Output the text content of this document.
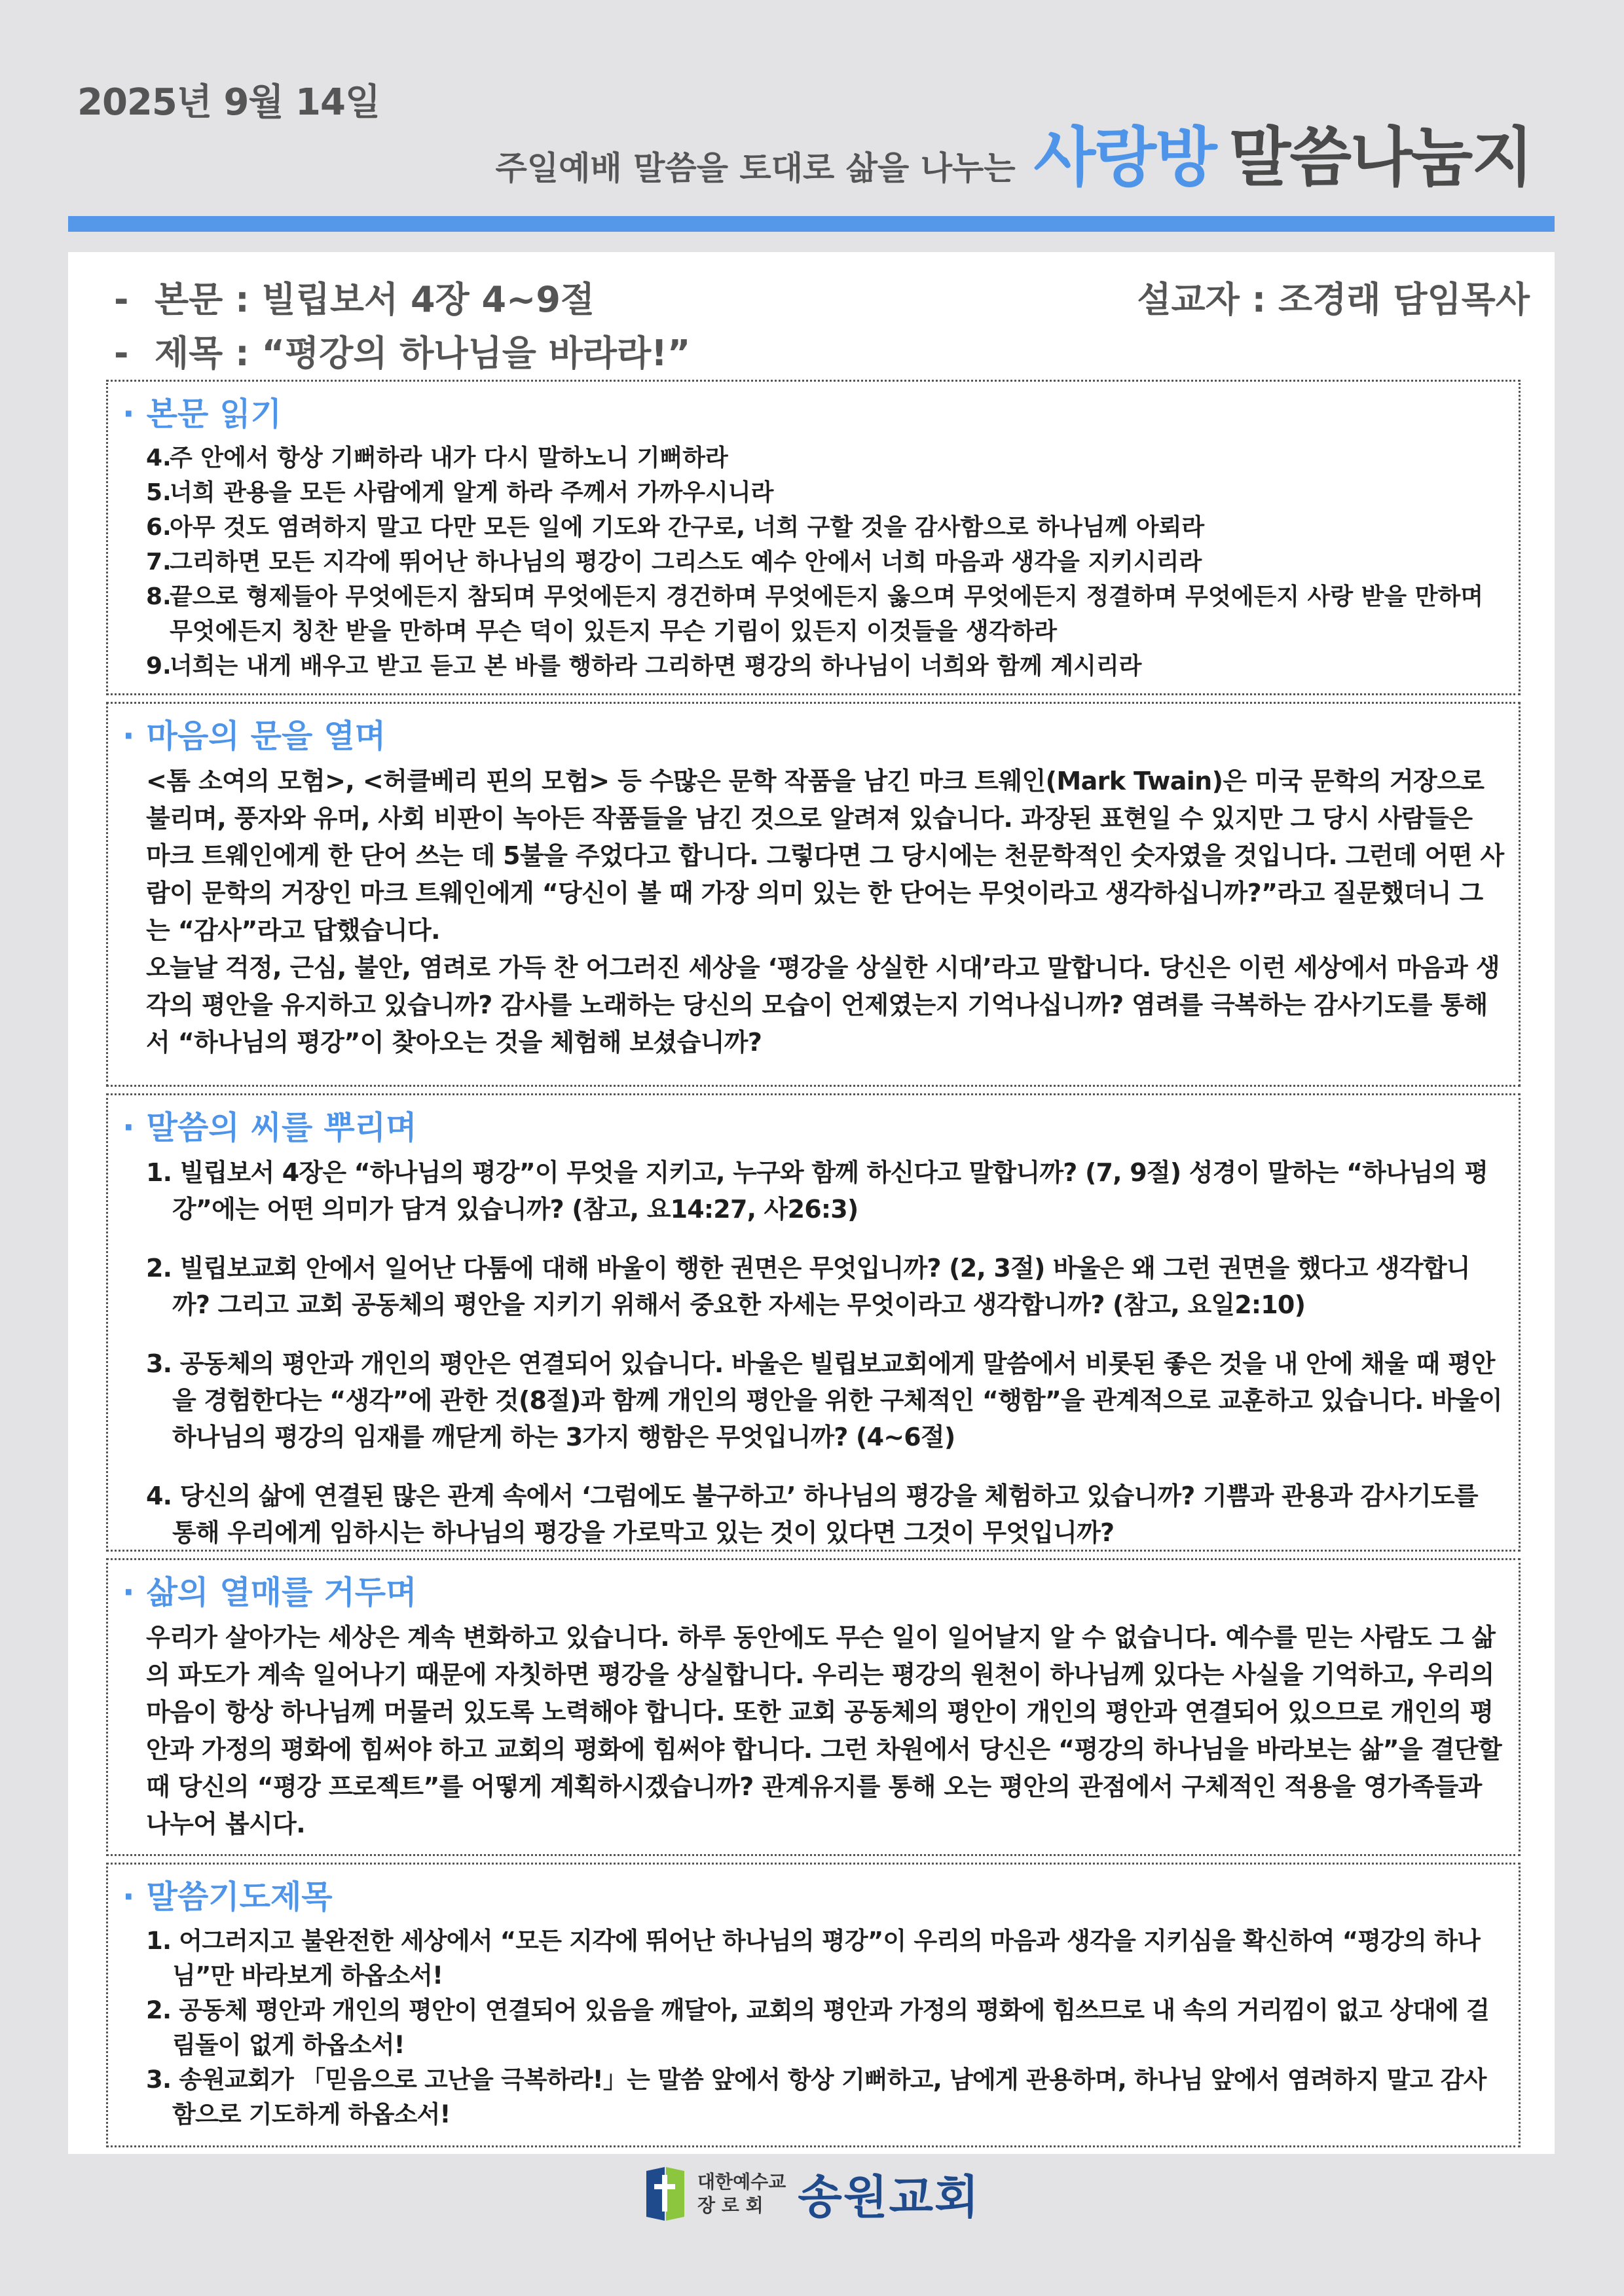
2025년 9월 14일
주일예배 말씀을 토대로 삶을 나누는 사랑방 말씀나눔지
- 본문 : 빌립보서 4장 4~9절
- 제목 : “평강의 하나님을 바라라!”
설교자 : 조경래 담임목사
· 본문 읽기
4.주 안에서 항상 기뻐하라 내가 다시 말하노니 기뻐하라
5.너희 관용을 모든 사람에게 알게 하라 주께서 가까우시니라
6.아무 것도 염려하지 말고 다만 모든 일에 기도와 간구로, 너희 구할 것을 감사함으로 하나님께 아뢰라
7.그리하면 모든 지각에 뛰어난 하나님의 평강이 그리스도 예수 안에서 너희 마음과 생각을 지키시리라
8.끝으로 형제들아 무엇에든지 참되며 무엇에든지 경건하며 무엇에든지 옳으며 무엇에든지 정결하며 무엇에든지 사랑 받을 만하며 무엇에든지 칭찬 받을 만하며 무슨 덕이 있든지 무슨 기림이 있든지 이것들을 생각하라
9.너희는 내게 배우고 받고 듣고 본 바를 행하라 그리하면 평강의 하나님이 너희와 함께 계시리라
· 마음의 문을 열며

<톰 소여의 모험>, <허클베리 핀의 모험> 등 수많은 문학 작품을 남긴 마크 트웨인(Mark Twain)은 미국 문학의 거장으로 불리며, 풍자와 유머, 사회 비판이 녹아든 작품들을 남긴 것으로 알려져 있습니다. 과장된 표현일 수 있지만 그 당시 사람들은 마크 트웨인에게 한 단어 쓰는 데 5불을 주었다고 합니다. 그렇다면 그 당시에는 천문학적인 숫자였을 것입니다. 그런데 어떤 사람이 문학의 거장인 마크 트웨인에게 “당신이 볼 때 가장 의미 있는 한 단어는 무엇이라고 생각하십니까?”라고 질문했더니 그는 “감사”라고 답했습니다.

오늘날 걱정, 근심, 불안, 염려로 가득 찬 어그러진 세상을 ‘평강을 상실한 시대’라고 말합니다. 당신은 이런 세상에서 마음과 생각의 평안을 유지하고 있습니까? 감사를 노래하는 당신의 모습이 언제였는지 기억나십니까? 염려를 극복하는 감사기도를 통해서 “하나님의 평강”이 찾아오는 것을 체험해 보셨습니까?

· 말씀의 씨를 뿌리며
1. 빌립보서 4장은 “하나님의 평강”이 무엇을 지키고, 누구와 함께 하신다고 말합니까? (7, 9절) 성경이 말하는 “하나님의 평강”에는 어떤 의미가 담겨 있습니까? (참고, 요14:27, 사26:3)
2. 빌립보교회 안에서 일어난 다툼에 대해 바울이 행한 권면은 무엇입니까? (2, 3절) 바울은 왜 그런 권면을 했다고 생각합니까? 그리고 교회 공동체의 평안을 지키기 위해서 중요한 자세는 무엇이라고 생각합니까? (참고, 요일2:10)
3. 공동체의 평안과 개인의 평안은 연결되어 있습니다. 바울은 빌립보교회에게 말씀에서 비롯된 좋은 것을 내 안에 채울 때 평안을 경험한다는 “생각”에 관한 것(8절)과 함께 개인의 평안을 위한 구체적인 “행함”을 관계적으로 교훈하고 있습니다. 바울이 하나님의 평강의 임재를 깨닫게 하는 3가지 행함은 무엇입니까? (4~6절)
4. 당신의 삶에 연결된 많은 관계 속에서 ‘그럼에도 불구하고’ 하나님의 평강을 체험하고 있습니까? 기쁨과 관용과 감사기도를 통해 우리에게 임하시는 하나님의 평강을 가로막고 있는 것이 있다면 그것이 무엇입니까?
· 삶의 열매를 거두며

우리가 살아가는 세상은 계속 변화하고 있습니다. 하루 동안에도 무슨 일이 일어날지 알 수 없습니다. 예수를 믿는 사람도 그 삶의 파도가 계속 일어나기 때문에 자칫하면 평강을 상실합니다. 우리는 평강의 원천이 하나님께 있다는 사실을 기억하고, 우리의 마음이 항상 하나님께 머물러 있도록 노력해야 합니다. 또한 교회 공동체의 평안이 개인의 평안과 연결되어 있으므로 개인의 평안과 가정의 평화에 힘써야 하고 교회의 평화에 힘써야 합니다. 그런 차원에서 당신은 “평강의 하나님을 바라보는 삶”을 결단할 때 당신의 “평강 프로젝트”를 어떻게 계획하시겠습니까? 관계유지를 통해 오는 평안의 관점에서 구체적인 적용을 영가족들과 나누어 봅시다.

· 말씀기도제목
1. 어그러지고 불완전한 세상에서 “모든 지각에 뛰어난 하나님의 평강”이 우리의 마음과 생각을 지키심을 확신하여 “평강의 하나님”만 바라보게 하옵소서!
2. 공동체 평안과 개인의 평안이 연결되어 있음을 깨달아, 교회의 평안과 가정의 평화에 힘쓰므로 내 속의 거리낌이 없고 상대에 걸림돌이 없게 하옵소서!
3. 송원교회가 「믿음으로 고난을 극복하라!」는 말씀 앞에서 항상 기뻐하고, 남에게 관용하며, 하나님 앞에서 염려하지 말고 감사함으로 기도하게 하옵소서!
대한예수교
장 로 회 송원교회
